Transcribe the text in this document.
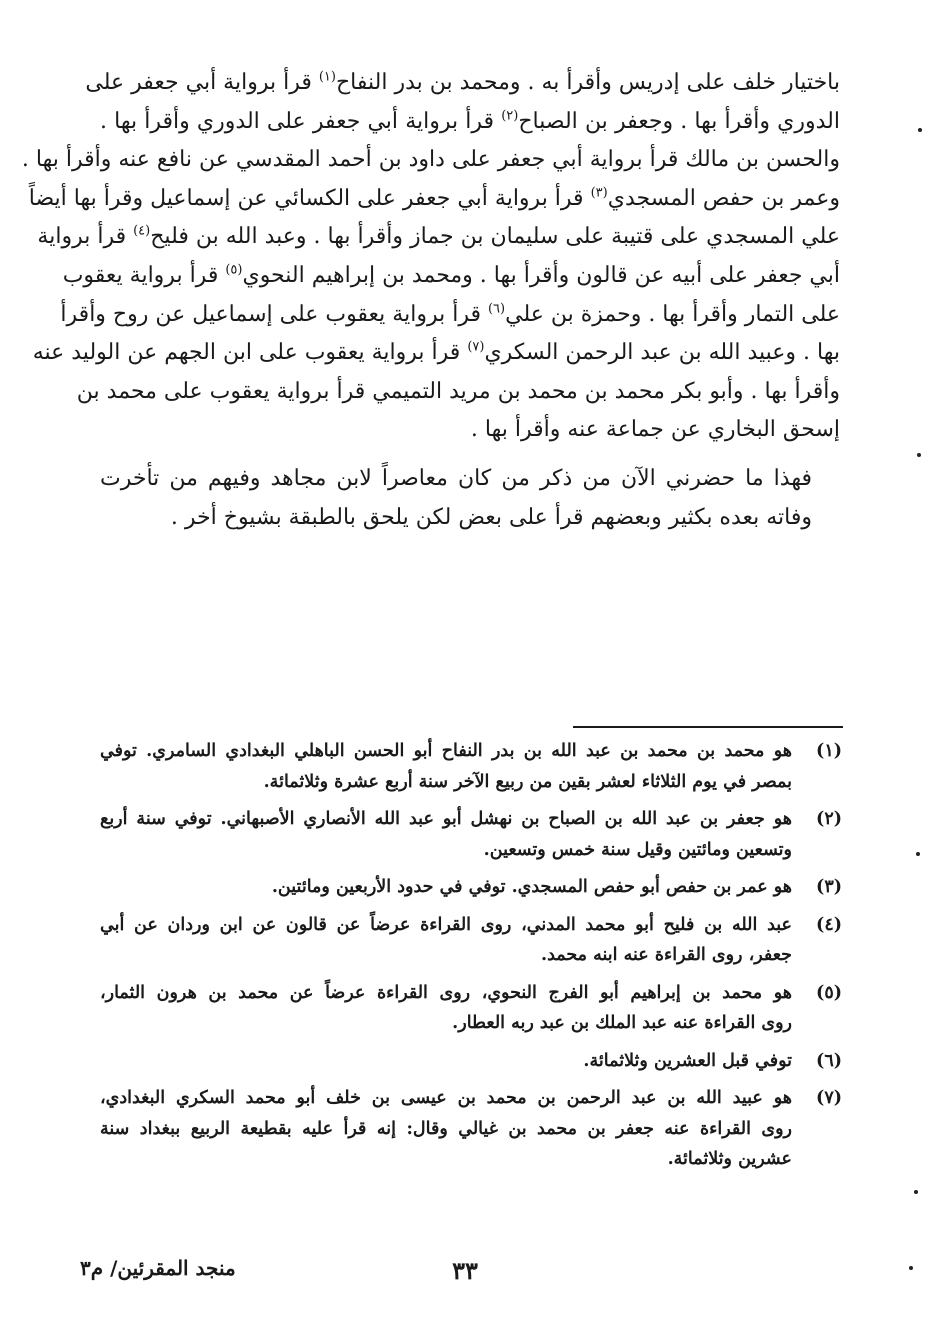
باختيار خلف على إدريس وأقرأ به . ومحمد بن بدر النفاح$^{(١)}$ قرأ برواية أبي جعفر على
الدوري وأقرأ بها . وجعفر بن الصباح$^{(٢)}$ قرأ برواية أبي جعفر على الدوري وأقرأ بها .
والحسن بن مالك قرأ برواية أبي جعفر على داود بن أحمد المقدسي عن نافع عنه وأقرأ بها .
وعمر بن حفص المسجدي$^{(٣)}$ قرأ برواية أبي جعفر على الكسائي عن إسماعيل وقرأ بها أيضاً
علي المسجدي على قتيبة على سليمان بن جماز وأقرأ بها . وعبد الله بن فليح$^{(٤)}$ قرأ برواية
أبي جعفر على أبيه عن قالون وأقرأ بها . ومحمد بن إبراهيم النحوي$^{(٥)}$ قرأ برواية يعقوب
على التمار وأقرأ بها . وحمزة بن علي$^{(٦)}$ قرأ برواية يعقوب على إسماعيل عن روح وأقرأ
بها . وعبيد الله بن عبد الرحمن السكري$^{(٧)}$ قرأ برواية يعقوب على ابن الجهم عن الوليد عنه
وأقرأ بها . وأبو بكر محمد بن محمد بن مريد التميمي قرأ برواية يعقوب على محمد بن
إسحق البخاري عن جماعة عنه وأقرأ بها .

فهذا ما حضرني الآن من ذكر من كان معاصراً لابن مجاهد وفيهم من تأخرت
وفاته بعده بكثير وبعضهم قرأ على بعض لكن يلحق بالطبقة بشيوخ أخر .

(١)
هو محمد بن محمد بن عبد الله بن بدر النفاح أبو الحسن الباهلي البغدادي السامري. توفي
بمصر في يوم الثلاثاء لعشر بقين من ربيع الآخر سنة أربع عشرة وثلاثمائة.
(٢)
هو جعفر بن عبد الله بن الصباح بن نهشل أبو عبد الله الأنصاري الأصبهاني. توفي سنة أربع
وتسعين ومائتين وقيل سنة خمس وتسعين.
(٣)
هو عمر بن حفص أبو حفص المسجدي. توفي في حدود الأربعين ومائتين.
(٤)
عبد الله بن فليح أبو محمد المدني، روى القراءة عرضاً عن قالون عن ابن وردان عن أبي
جعفر، روى القراءة عنه ابنه محمد.
(٥)
هو محمد بن إبراهيم أبو الفرج النحوي، روى القراءة عرضاً عن محمد بن هرون الثمار،
روى القراءة عنه عبد الملك بن عبد ربه العطار.
(٦)
توفي قبل العشرين وثلاثمائة.
(٧)
هو عبيد الله بن عبد الرحمن بن محمد بن عيسى بن خلف أبو محمد السكري البغدادي،
روى القراءة عنه جعفر بن محمد بن غيالي وقال: إنه قرأ عليه بقطيعة الربيع ببغداد سنة
عشرين وثلاثمائة.
٣٣
منجد المقرئين/ م٣
